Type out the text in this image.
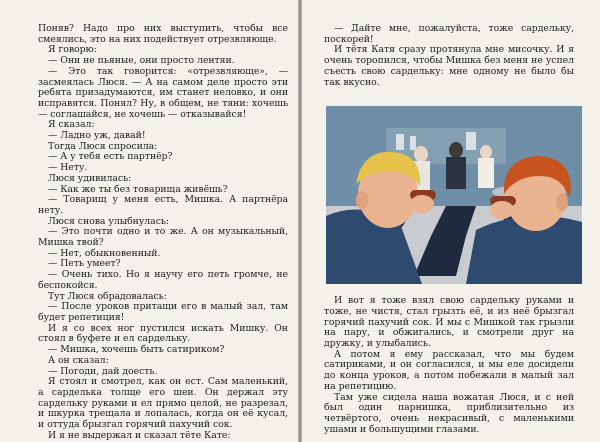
Поняв? Надо про них выступить, чтобы все смеялись, это на них подействует отрезвляюще.

Я говорю:

— Они не пьяные, они просто лентяи.

— Это так говорится: «отрезвляюще», — засмеялась Люся. — А на самом деле просто эти ребята призадумаются, им станет неловко, и они исправятся. Понял? Ну, в общем, не тяни: хочешь — соглашайся, не хочешь — отказывайся!

Я сказал:

— Ладно уж, давай!

Тогда Люся спросила:

— А у тебя есть партнёр?

— Нету.

Люся удивилась:

— Как же ты без товарища живёшь?

— Товарищ у меня есть, Мишка. А партнёра нету.

Люся снова улыбнулась:

— Это почти одно и то же. А он музыкальный, Мишка твой?

— Нет, обыкновенный.

— Петь умеет?

— Очень тихо. Но я научу его петь громче, не беспокойся.

Тут Люся обрадовалась:

— После уроков притащи его в малый зал, там будет репетиция!

И я со всех ног пустился искать Мишку. Он стоял в буфете и ел сардельку.

— Мишка, хочешь быть сатириком?

А он сказал:

— Погоди, дай доесть.

Я стоял и смотрел, как он ест. Сам маленький, а сарделька толще его шеи. Он держал эту сардельку руками и ел прямо целой, не разрезал, и шкурка трещала и лопалась, когда он её кусал, и оттуда брызгал горячий пахучий сок.

И я не выдержал и сказал тёте Кате:

— Дайте мне, пожалуйста, тоже сардельку, поскорей!

И тётя Катя сразу протянула мне мисочку. И я очень торопился, чтобы Мишка без меня не успел съесть свою сардельку: мне одному не было бы так вкусно.

И вот я тоже взял свою сардельку руками и тоже, не чистя, стал грызть её, и из неё брызгал горячий пахучий сок. И мы с Мишкой так грызли на пару, и обжигались, и смотрели друг на дружку, и улыбались.

А потом я ему рассказал, что мы будем сатириками, и он согласился, и мы еле досидели до конца уроков, а потом побежали в малый зал на репетицию.

Там уже сидела наша вожатая Люся, и с ней был один парнишка, приблизительно из четвёртого, очень некрасивый, с маленькими ушами и большущими глазами.
